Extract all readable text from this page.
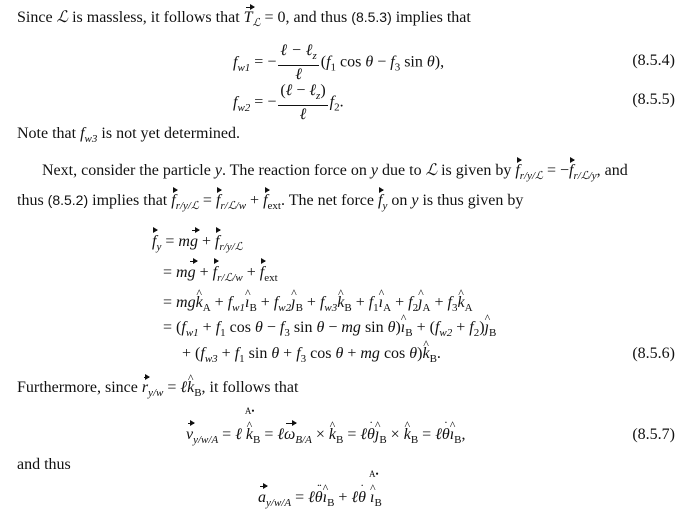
Since ℒ is massless, it follows that $T_ℒ = 0$, and thus (8.5.3) implies that
$f_{w1}$ = − $\frac{\ell - \ell_z}{\text{ℓ}} (f_1$ $\cos \theta - f_3$ sin θ),	(8.5.4)
$f_{w2}$ = − $\frac{(\ell - \ell_z)}{\text{ℓ}} f_2$.	(8.5.5)
Note that $f_{w3}$ is not yet determined.
Next, consider the particle y. The reaction force on y due to ℒ is given by $f_{r/y/ℒ} = -f_{r/ℒ/y}$, and
thus (8.5.2) implies that $f_{r/y/ℒ} = f_{r/ℒ/w} + f_{ext}$. The net force $f_y$ on y is thus given by
$f_y$ = mg + $f_{r/y/ℒ}$
= mg + $f_{r/ℒ/w} + f_{ext}$
= mgk $\^{}_A$ + $f_{w1}ı$ $\^{}_B$ + $f_{w2}ȷ$ $\^{}_B + f_{w3}k$ $\^{}_B$ + $f_1ı$ $\^{}_A$ + $f_2ȷ$ $\^{}_A + f_3k$ $\^{}_A$
= ($f_{w1} + f_1$ $\cos \theta - f_3$ sin θ − mg sin θ)ı $\^{}_B + (f_{w2}$ + $f_2)ȷ$ $\^{}_B$
+ ($f_{w3} + f_1$ $\sin \theta + f_3$ cos θ + mg cos θ)k $\^{}_B$.	(8.5.6)
Furthermore, since $r_{y/w}$ = ℓk $\^{}_B$, it follows that
$v_{y/w/A}$ = ℓ
A•
k $\^{}_B$ = ℓω$_{B/A}$ × k $\^{}_B$ = ℓθ ·ȷ $\^{}_B \times k$ $\^{}_B$ = ℓθ ·ı $\^{}_B$,	(8.5.7)
and thus
$a_{y/w/A}$ = ℓθ ··ı $\^{}_B$ + ℓθ ·
A•
ı $\^{}_B$
